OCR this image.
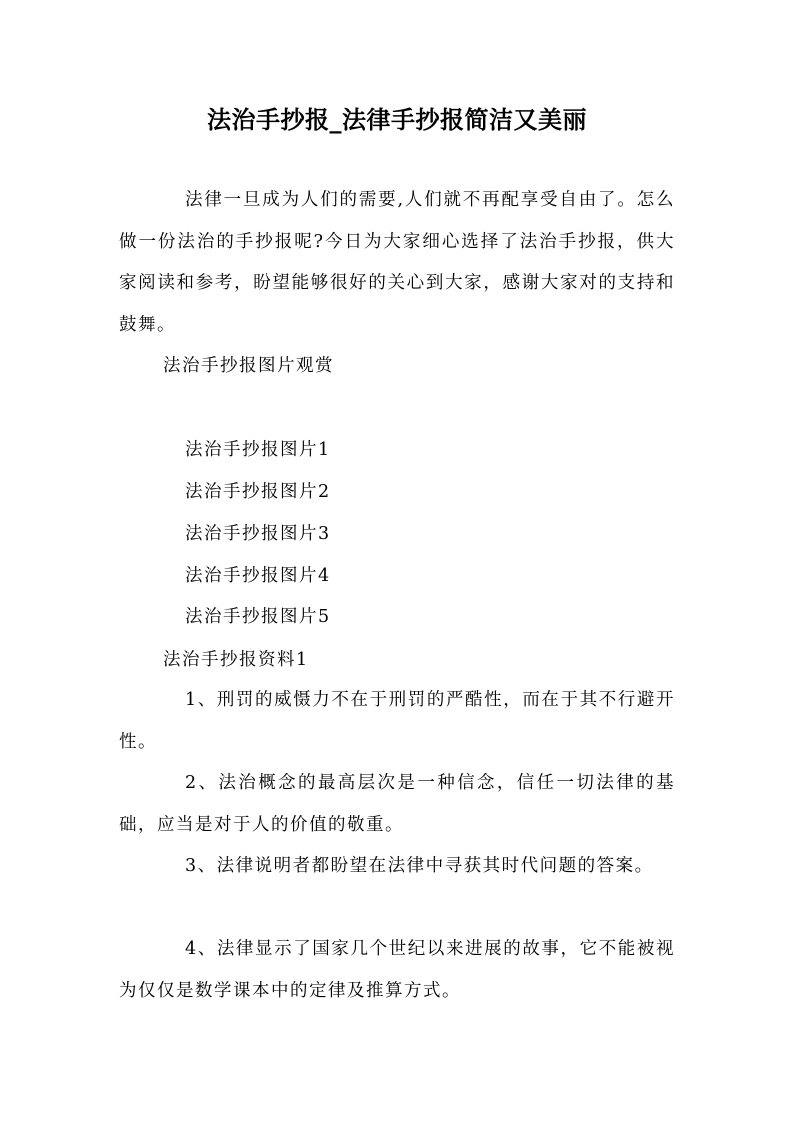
法治手抄报_法律手抄报简洁又美丽
法律一旦成为人们的需要,人们就不再配享受自由了。怎么做一份法治的手抄报呢?今日为大家细心选择了法治手抄报，供大家阅读和参考，盼望能够很好的关心到大家，感谢大家对的支持和鼓舞。
法治手抄报图片观赏
法治手抄报图片1
法治手抄报图片2
法治手抄报图片3
法治手抄报图片4
法治手抄报图片5
法治手抄报资料1
1、刑罚的威慑力不在于刑罚的严酷性，而在于其不行避开性。
2、法治概念的最高层次是一种信念，信任一切法律的基础，应当是对于人的价值的敬重。
3、法律说明者都盼望在法律中寻获其时代问题的答案。
4、法律显示了国家几个世纪以来进展的故事，它不能被视为仅仅是数学课本中的定律及推算方式。
